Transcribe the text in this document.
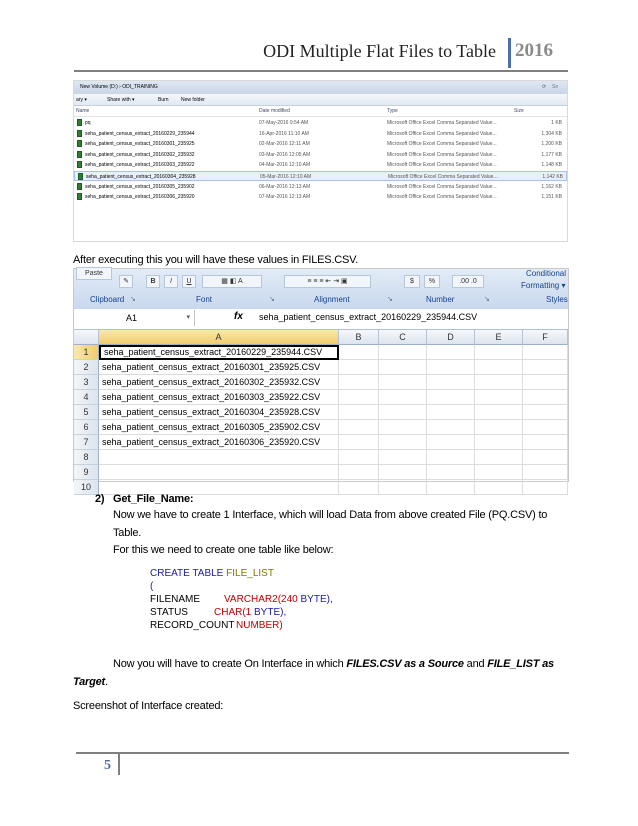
ODI Multiple Flat Files to Table 2016
New Volume (D:) › ODI_TRAINING	⟳ Se
ary ▾	Share with ▾	Burn New folder
Name	Date modified	Type	Size
pq	07-May-2016 9:54 AM	Microsoft Office Excel Comma Separated Value...	1 KB
seha_patient_census_extract_20160229_235944	16-Apr-2016 11:10 AM	Microsoft Office Excel Comma Separated Value...	1,304 KB
seha_patient_census_extract_20160301_235925	02-Mar-2016 12:11 AM	Microsoft Office Excel Comma Separated Value...	1,200 KB
seha_patient_census_extract_20160302_235932	03-Mar-2016 12:05 AM	Microsoft Office Excel Comma Separated Value...	1,177 KB
seha_patient_census_extract_20160303_235922	04-Mar-2016 12:10 AM	Microsoft Office Excel Comma Separated Value...	1,148 KB
seha_patient_census_extract_20160304_235928	05-Mar-2016 12:10 AM	Microsoft Office Excel Comma Separated Value...	1,142 KB
seha_patient_census_extract_20160305_235902	06-Mar-2016 12:13 AM	Microsoft Office Excel Comma Separated Value...	1,162 KB
seha_patient_census_extract_20160306_235920	07-Mar-2016 12:13 AM	Microsoft Office Excel Comma Separated Value...	1,151 KB
After executing this you will have these values in FILES.CSV.
Paste
✎	B	I	U	▦ ◧ A	≡ ≡ ≡ ⇤ ⇥ ▣	$	%	.00 .0
Conditional
Formatting ▾
Clipboard ↘	Font	↘	Alignment	↘	Number	↘	Styles
A1	▾	fx seha_patient_census_extract_20160229_235944.CSV
A	B	C	D	E	F
1	seha_patient_census_extract_20160229_235944.CSV
2	seha_patient_census_extract_20160301_235925.CSV
3	seha_patient_census_extract_20160302_235932.CSV
4	seha_patient_census_extract_20160303_235922.CSV
5	seha_patient_census_extract_20160304_235928.CSV
6	seha_patient_census_extract_20160305_235902.CSV
7	seha_patient_census_extract_20160306_235920.CSV
8
9
10
2) Get_File_Name:
Now we have to create 1 Interface, which will load Data from above created File (PQ.CSV) to
Table.
For this we need to create one table like below:
CREATE TABLE FILE_LIST
(
FILENAME VARCHAR2(240 BYTE),
STATUS	CHAR(1 BYTE),
RECORD_COUNT NUMBER)
Now you will have to create On Interface in which FILES.CSV as a Source and FILE_LIST as
Target.
Screenshot of Interface created:
5
